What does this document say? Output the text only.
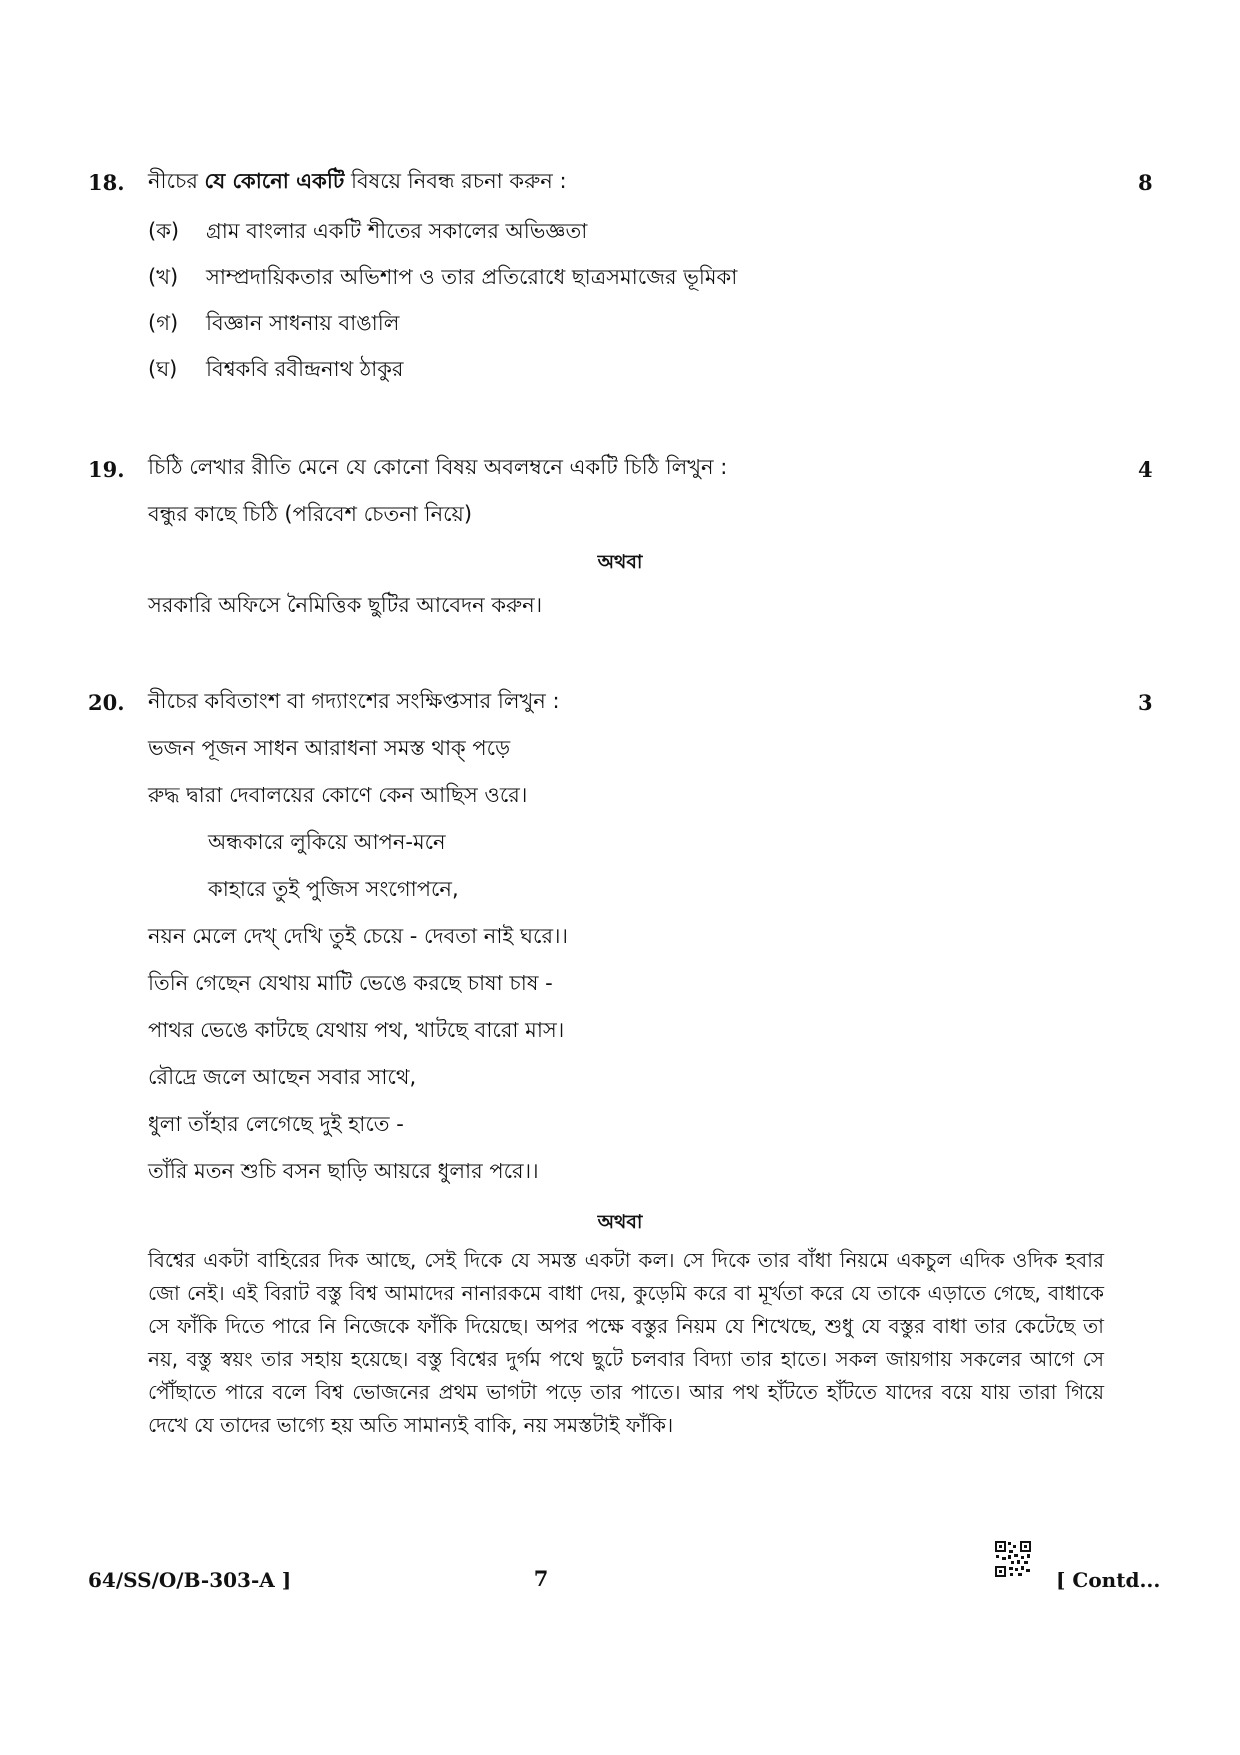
18. নীচের যে কোনো একটি বিষয়ে নিবন্ধ রচনা করুন :	8
(ক) গ্রাম বাংলার একটি শীতের সকালের অভিজ্ঞতা
(খ) সাম্প্রদায়িকতার অভিশাপ ও তার প্রতিরোধে ছাত্রসমাজের ভূমিকা
(গ) বিজ্ঞান সাধনায় বাঙালি
(ঘ) বিশ্বকবি রবীন্দ্রনাথ ঠাকুর
19. চিঠি লেখার রীতি মেনে যে কোনো বিষয় অবলম্বনে একটি চিঠি লিখুন :	4
বন্ধুর কাছে চিঠি (পরিবেশ চেতনা নিয়ে)
অথবা
সরকারি অফিসে নৈমিত্তিক ছুটির আবেদন করুন।
20. নীচের কবিতাংশ বা গদ্যাংশের সংক্ষিপ্তসার লিখুন :	3
ভজন পূজন সাধন আরাধনা সমস্ত থাক্ পড়ে
রুদ্ধ দ্বারা দেবালয়ের কোণে কেন আছিস ওরে।
অন্ধকারে লুকিয়ে আপন-মনে
কাহারে তুই পুজিস সংগোপনে,
নয়ন মেলে দেখ্ দেখি তুই চেয়ে - দেবতা নাই ঘরে।।
তিনি গেছেন যেথায় মাটি ভেঙে করছে চাষা চাষ -
পাথর ভেঙে কাটছে যেথায় পথ, খাটছে বারো মাস।
রৌদ্রে জলে আছেন সবার সাথে,
ধুলা তাঁহার লেগেছে দুই হাতে -
তাঁরি মতন শুচি বসন ছাড়ি আয়রে ধুলার পরে।।
অথবা
বিশ্বের একটা বাহিরের দিক আছে, সেই দিকে যে সমস্ত একটা কল। সে দিকে তার বাঁধা নিয়মে একচুল এদিক ওদিক হবার জো নেই। এই বিরাট বস্তু বিশ্ব আমাদের নানারকমে বাধা দেয়, কুড়েমি করে বা মূর্খতা করে যে তাকে এড়াতে গেছে, বাধাকে সে ফাঁকি দিতে পারে নি নিজেকে ফাঁকি দিয়েছে। অপর পক্ষে বস্তুর নিয়ম যে শিখেছে, শুধু যে বস্তুর বাধা তার কেটেছে তা নয়, বস্তু স্বয়ং তার সহায় হয়েছে। বস্তু বিশ্বের দুর্গম পথে ছুটে চলবার বিদ্যা তার হাতে। সকল জায়গায় সকলের আগে সে পৌঁছাতে পারে বলে বিশ্ব ভোজনের প্রথম ভাগটা পড়ে তার পাতে। আর পথ হাঁটতে হাঁটতে যাদের বয়ে যায় তারা গিয়ে দেখে যে তাদের ভাগ্যে হয় অতি সামান্যই বাকি, নয় সমস্তটাই ফাঁকি।
64/SS/O/B-303-A ]	7	[ Contd...
